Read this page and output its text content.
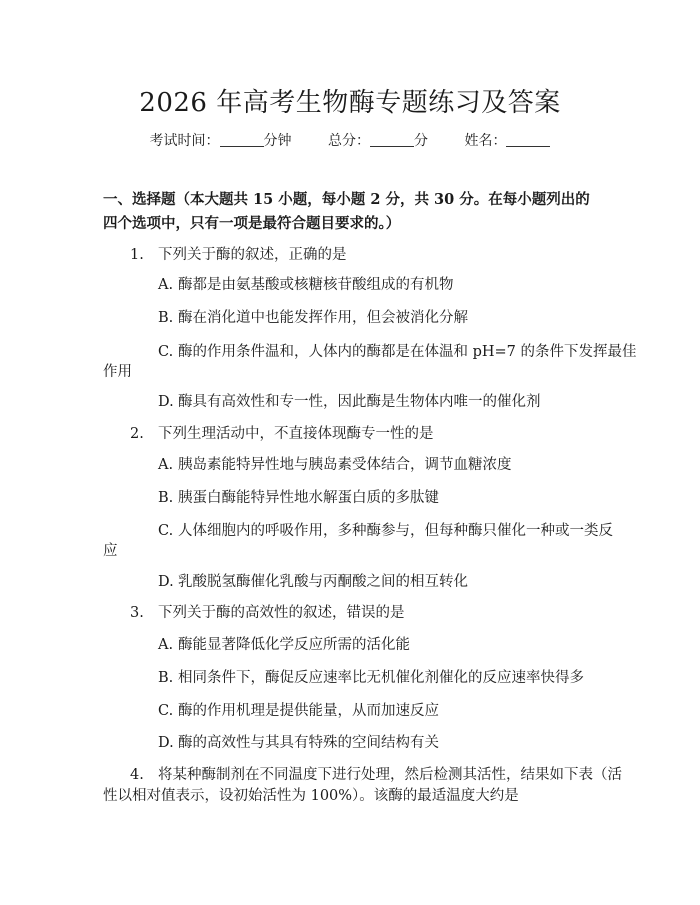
2026 年高考生物酶专题练习及答案
考试时间：	分钟	总分：	分	姓名：
一、选择题（本大题共 15 小题，每小题 2 分，共 30 分。在每小题列出的四个选项中，只有一项是最符合题目要求的。）
1. 下列关于酶的叙述，正确的是
A. 酶都是由氨基酸或核糖核苷酸组成的有机物
B. 酶在消化道中也能发挥作用，但会被消化分解
C. 酶的作用条件温和，人体内的酶都是在体温和 pH=7 的条件下发挥最佳
作用
D. 酶具有高效性和专一性，因此酶是生物体内唯一的催化剂
2. 下列生理活动中，不直接体现酶专一性的是
A. 胰岛素能特异性地与胰岛素受体结合，调节血糖浓度
B. 胰蛋白酶能特异性地水解蛋白质的多肽键
C. 人体细胞内的呼吸作用，多种酶参与，但每种酶只催化一种或一类反
应
D. 乳酸脱氢酶催化乳酸与丙酮酸之间的相互转化
3. 下列关于酶的高效性的叙述，错误的是
A. 酶能显著降低化学反应所需的活化能
B. 相同条件下，酶促反应速率比无机催化剂催化的反应速率快得多
C. 酶的作用机理是提供能量，从而加速反应
D. 酶的高效性与其具有特殊的空间结构有关
4. 将某种酶制剂在不同温度下进行处理，然后检测其活性，结果如下表（活
性以相对值表示，设初始活性为 100%）。该酶的最适温度大约是
